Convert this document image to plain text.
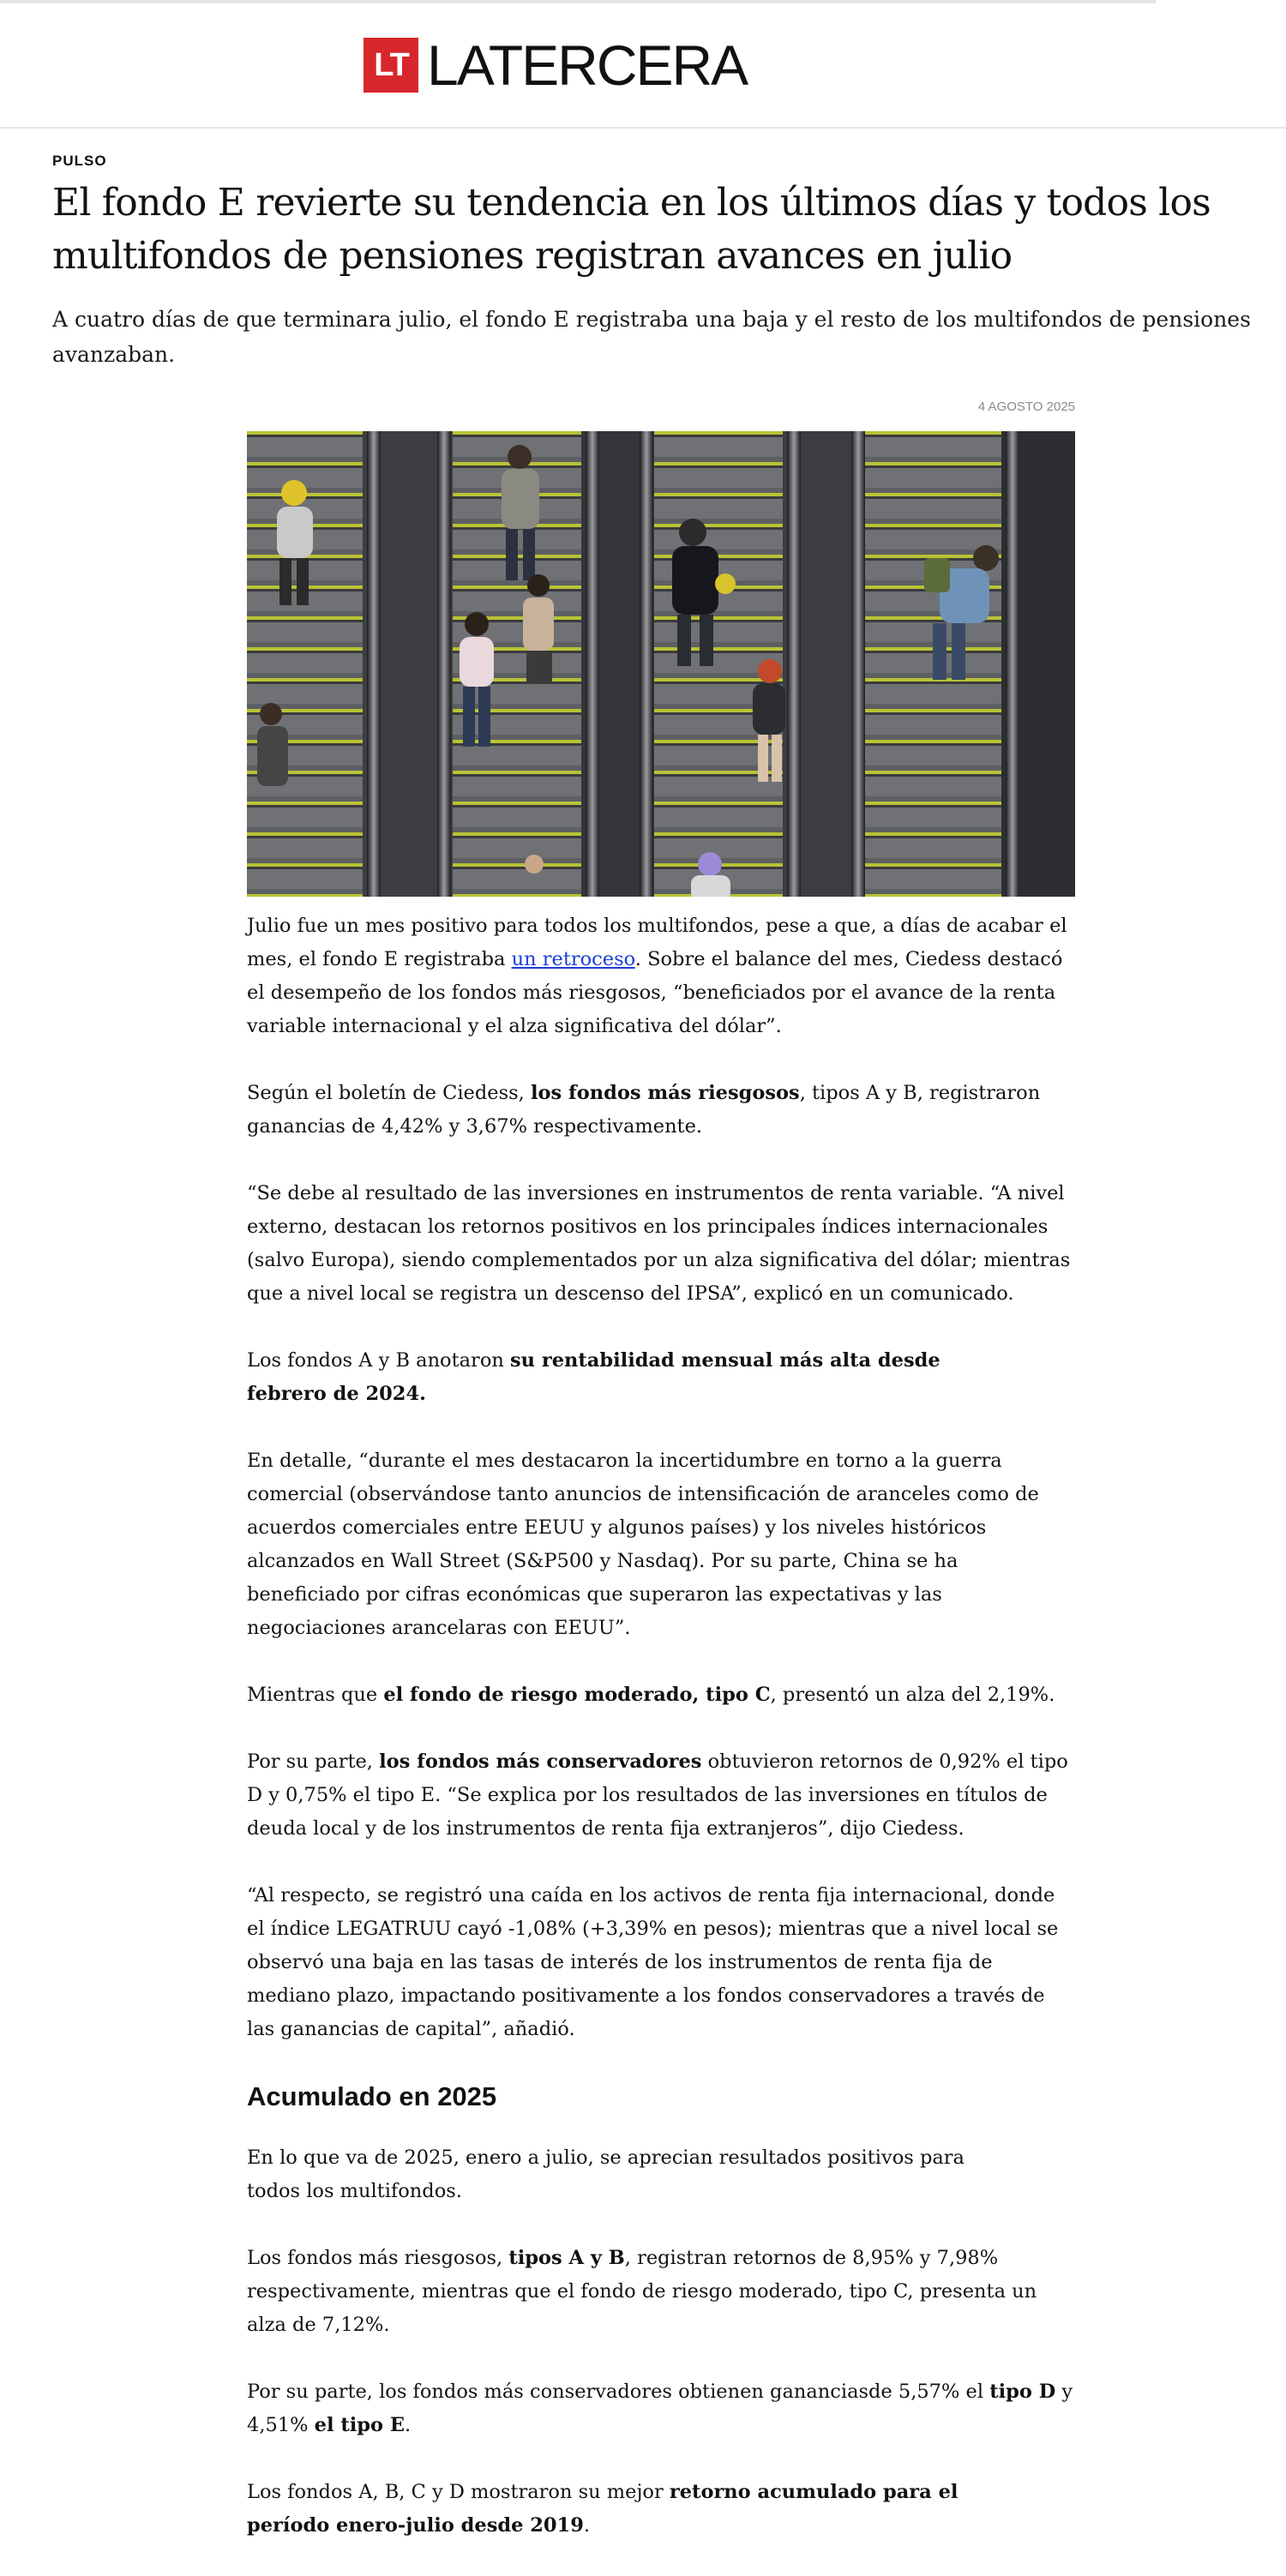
LT LATERCERA
PULSO
El fondo E revierte su tendencia en los últimos días y todos los multifondos de pensiones registran avances en julio

A cuatro días de que terminara julio, el fondo E registraba una baja y el resto de los multifondos de pensiones avanzaban.

4 AGOSTO 2025

Julio fue un mes positivo para todos los multifondos, pese a que, a días de acabar el mes, el fondo E registraba un retroceso. Sobre el balance del mes, Ciedess destacó el desempeño de los fondos más riesgosos, “beneficiados por el avance de la renta variable internacional y el alza significativa del dólar”.

Según el boletín de Ciedess, los fondos más riesgosos, tipos A y B, registraron ganancias de 4,42% y 3,67% respectivamente.

“Se debe al resultado de las inversiones en instrumentos de renta variable. “A nivel externo, destacan los retornos positivos en los principales índices internacionales (salvo Europa), siendo complementados por un alza significativa del dólar; mientras que a nivel local se registra un descenso del IPSA”, explicó en un comunicado.

Los fondos A y B anotaron su rentabilidad mensual más alta desde febrero de 2024.

En detalle, “durante el mes destacaron la incertidumbre en torno a la guerra comercial (observándose tanto anuncios de intensificación de aranceles como de acuerdos comerciales entre EEUU y algunos países) y los niveles históricos alcanzados en Wall Street (S&P500 y Nasdaq). Por su parte, China se ha beneficiado por cifras económicas que superaron las expectativas y las negociaciones arancelaras con EEUU”.

Mientras que el fondo de riesgo moderado, tipo C, presentó un alza del 2,19%.

Por su parte, los fondos más conservadores obtuvieron retornos de 0,92% el tipo D y 0,75% el tipo E. “Se explica por los resultados de las inversiones en títulos de deuda local y de los instrumentos de renta fija extranjeros”, dijo Ciedess.

“Al respecto, se registró una caída en los activos de renta fija internacional, donde el índice LEGATRUU cayó -1,08% (+3,39% en pesos); mientras que a nivel local se observó una baja en las tasas de interés de los instrumentos de renta fija de mediano plazo, impactando positivamente a los fondos conservadores a través de las ganancias de capital”, añadió.

Acumulado en 2025

En lo que va de 2025, enero a julio, se aprecian resultados positivos para todos los multifondos.

Los fondos más riesgosos, tipos A y B, registran retornos de 8,95% y 7,98% respectivamente, mientras que el fondo de riesgo moderado, tipo C, presenta un alza de 7,12%.

Por su parte, los fondos más conservadores obtienen gananciasde 5,57% el tipo D y 4,51% el tipo E.

Los fondos A, B, C y D mostraron su mejor retorno acumulado para el período enero-julio desde 2019.
